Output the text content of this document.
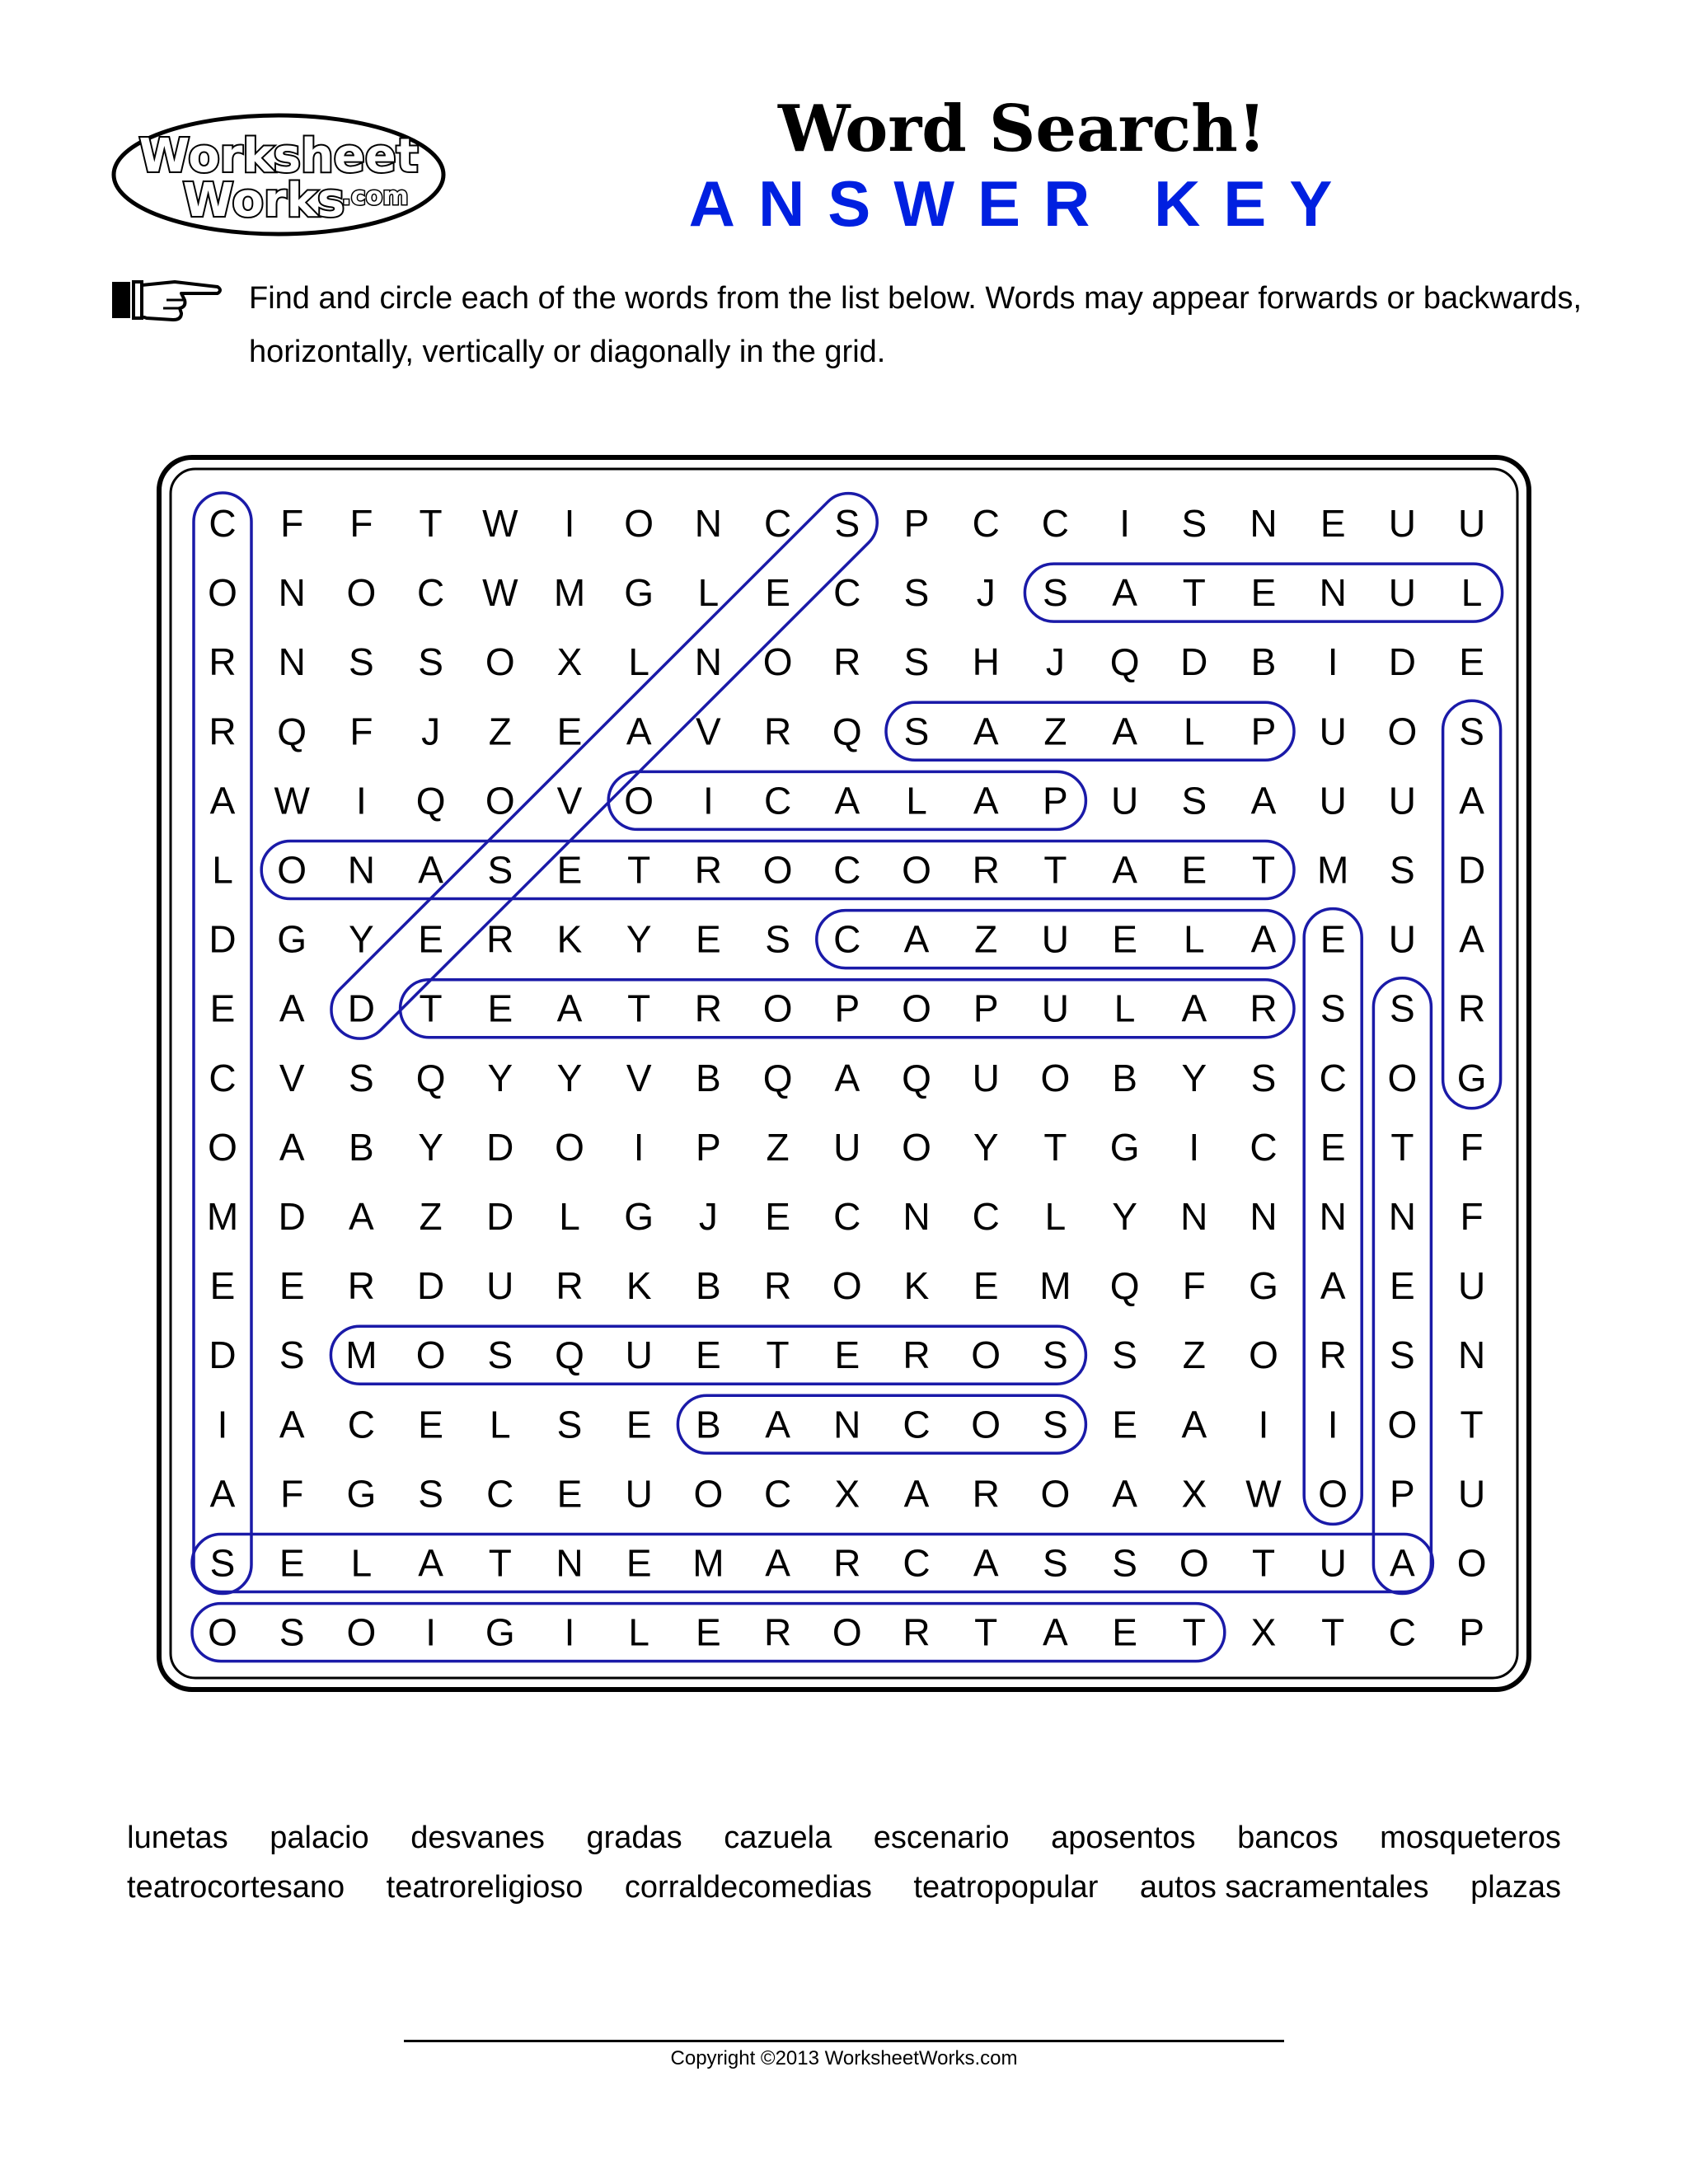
Worksheet
Works
.com
Word Search!
ANSWER KEY
Find and circle each of the words from the list below. Words may appear forwards or backwards, horizontally, vertically or diagonally in the grid.
C F F T W I O N C S P C C I S N E U U
O N O C W M G L E C S J S A T E N U L
R N S S O X L N O R S H J Q D B I D E
R Q F J Z E A V R Q S A Z A L P U O S
A W I Q O V O I C A L A P U S A U U A
L O N A S E T R O C O R T A E T M S D
D G Y E R K Y E S C A Z U E L A E U A
E A D T E A T R O P O P U L A R S S R
C V S Q Y Y V B Q A Q U O B Y S C O G
O A B Y D O I P Z U O Y T G I C E T F
M D A Z D L G J E C N C L Y N N N N F
E E R D U R K B R O K E M Q F G A E U
D S M O S Q U E T E R O S S Z O R S N
I A C E L S E B A N C O S E A I I O T
A F G S C E U O C X A R O A X W O P U
S E L A T N E M A R C A S S O T U A O
O S O I G I L E R O R T A E T X T C P
lunetas palacio desvanes gradas cazuela escenario aposentos bancos mosqueteros teatrocortesano teatroreligioso corraldecomedias teatropopular autos sacramentales plazas
Copyright ©2013 WorksheetWorks.com
